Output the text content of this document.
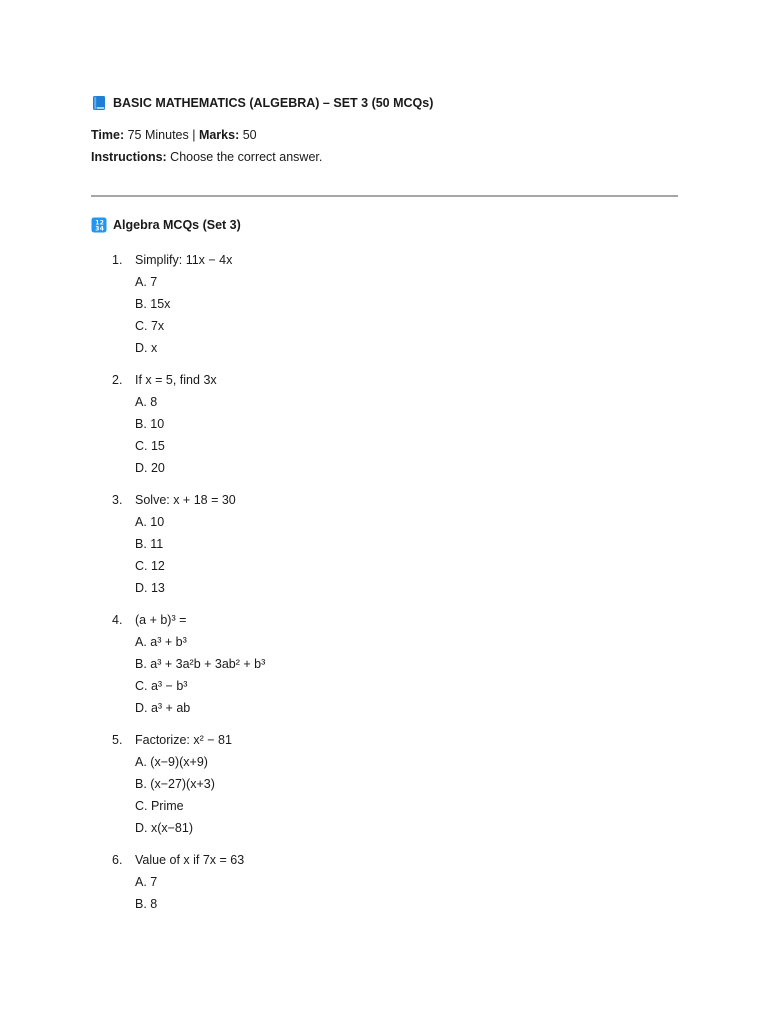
BASIC MATHEMATICS (ALGEBRA) – SET 3 (50 MCQs)
Time: 75 Minutes | Marks: 50
Instructions: Choose the correct answer.
1 2
3 4 Algebra MCQs (Set 3)
1.	Simplify: 11x − 4x
A. 7
B. 15x
C. 7x
D. x
2.	If x = 5, find 3x
A. 8
B. 10
C. 15
D. 20
3.	Solve: x + 18 = 30
A. 10
B. 11
C. 12
D. 13
4.	(a + b)³ =
A. a³ + b³
B. a³ + 3a²b + 3ab² + b³
C. a³ − b³
D. a³ + ab
5.	Factorize: x² − 81
A. (x−9)(x+9)
B. (x−27)(x+3)
C. Prime
D. x(x−81)
6.	Value of x if 7x = 63
A. 7
B. 8
